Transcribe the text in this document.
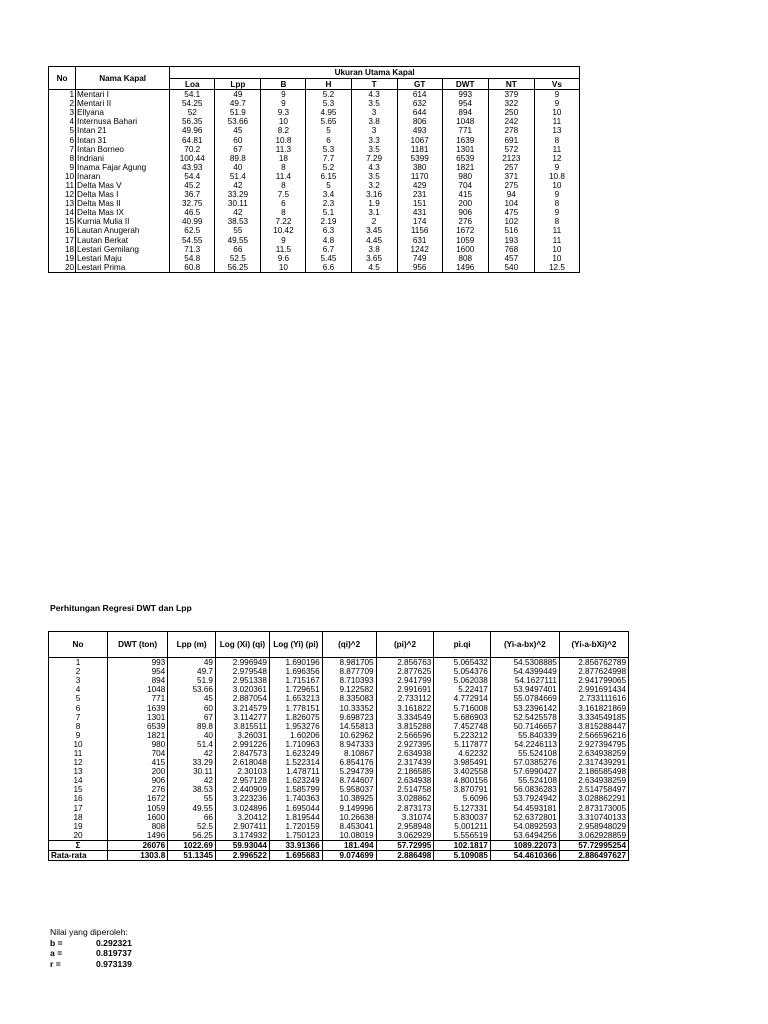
No	Nama Kapal	Ukuran Utama Kapal								
		Loa	Lpp	B	H	T	GT	DWT	NT	Vs
1	Mentari I	54.1	49	9	5.2	4.3	614	993	379	9
2	Mentari II	54.25	49.7	9	5.3	3.5	632	954	322	9
3	Ellyana	52	51.9	9.3	4.95	3	644	894	250	10
4	Internusa Bahari	56.35	53.66	10	5.65	3.8	806	1048	242	11
5	Intan 21	49.96	45	8.2	5	3	493	771	278	13
6	Intan 31	64.81	60	10.8	6	3.3	1067	1639	691	8
7	Intan Borneo	70.2	67	11.3	5.3	3.5	1181	1301	572	11
8	Indriani	100.44	89.8	18	7.7	7.29	5399	6539	2123	12
9	Inama Fajar Agung	43.93	40	8	5.2	4.3	380	1821	257	9
10	Inaran	54.4	51.4	11.4	6.15	3.5	1170	980	371	10.8
11	Delta Mas V	45.2	42	8	5	3.2	429	704	275	10
12	Delta Mas I	36.7	33.29	7.5	3.4	3.16	231	415	94	9
13	Delta Mas II	32.75	30.11	6	2.3	1.9	151	200	104	8
14	Delta Mas IX	46.5	42	8	5.1	3.1	431	906	475	9
15	Kurnia Mulia II	40.99	38.53	7.22	2.19	2	174	276	102	8
16	Lautan Anugerah	62.5	55	10.42	6.3	3.45	1156	1672	516	11
17	Lautan Berkat	54.55	49.55	9	4.8	4.45	631	1059	193	11
18	Lestari Gemilang	71.3	66	11.5	6.7	3.8	1242	1600	768	10
19	Lestari Maju	54.8	52.5	9.6	5.45	3.65	749	808	457	10
20	Lestari Prima	60.8	56.25	10	6.6	4.5	956	1496	540	12.5
Perhitungan Regresi DWT dan Lpp
No	DWT (ton)	Lpp (m)	Log (Xi) (qi)	Log (Yi) (pi)	(qi)^2	(pi)^2	pi.qi	(Yi-a-bx)^2	(Yi-a-bXi)^2
1	993	49	2.996949	1.690196	8.981705	2.856763	5.065432	54.5308885	2.856762789
2	954	49.7	2.979548	1.696356	8.877709	2.877625	5.054376	54.4399449	2.877624998
3	894	51.9	2.951338	1.715167	8.710393	2.941799	5.062038	54.1627111	2.941799065
4	1048	53.66	3.020361	1.729651	9.122582	2.991691	5.22417	53.9497401	2.991691434
5	771	45	2.887054	1.653213	8.335083	2.733112	4.772914	55.0784669	2.733111616
6	1639	60	3.214579	1.778151	10.33352	3.161822	5.716008	53.2396142	3.161821869
7	1301	67	3.114277	1.826075	9.698723	3.334549	5.686903	52.5425578	3.334549185
8	6539	89.8	3.815511	1.953276	14.55813	3.815288	7.452748	50.7146657	3.815288447
9	1821	40	3.26031	1.60206	10.62962	2.566596	5.223212	55.840339	2.566596216
10	980	51.4	2.991226	1.710963	8.947333	2.927395	5.117877	54.2246113	2.927394795
11	704	42	2.847573	1.623249	8.10867	2.634938	4.62232	55.524108	2.634938259
12	415	33.29	2.618048	1.522314	6.854176	2.317439	3.985491	57.0385276	2.317439291
13	200	30.11	2.30103	1.478711	5.294739	2.186585	3.402558	57.6990427	2.186585498
14	906	42	2.957128	1.623249	8.744607	2.634938	4.800156	55.524108	2.634938259
15	276	38.53	2.440909	1.585799	5.958037	2.514758	3.870791	56.0836283	2.514758497
16	1672	55	3.223236	1.740363	10.38925	3.028862	5.6096	53.7924942	3.028862291
17	1059	49.55	3.024896	1.695044	9.149996	2.873173	5.127331	54.4593181	2.873173005
18	1600	66	3.20412	1.819544	10.26638	3.31074	5.830037	52.6372801	3.310740133
19	808	52.5	2.907411	1.720159	8.453041	2.958948	5.001211	54.0892593	2.958948029
20	1496	56.25	3.174932	1.750123	10.08019	3.062929	5.556519	53.6494256	3.062928859
Σ	26076	1022.69	59.93044	33.91366	181.494	57.72995	102.1817	1089.22073	57.72995254
Rata-rata	1303.8	51.1345	2.996522	1.695683	9.074699	2.886498	5.109085	54.4610366	2.886497627
Nilai yang diperoleh:
b =	0.292321
a =	0.819737
r =	0.973139
